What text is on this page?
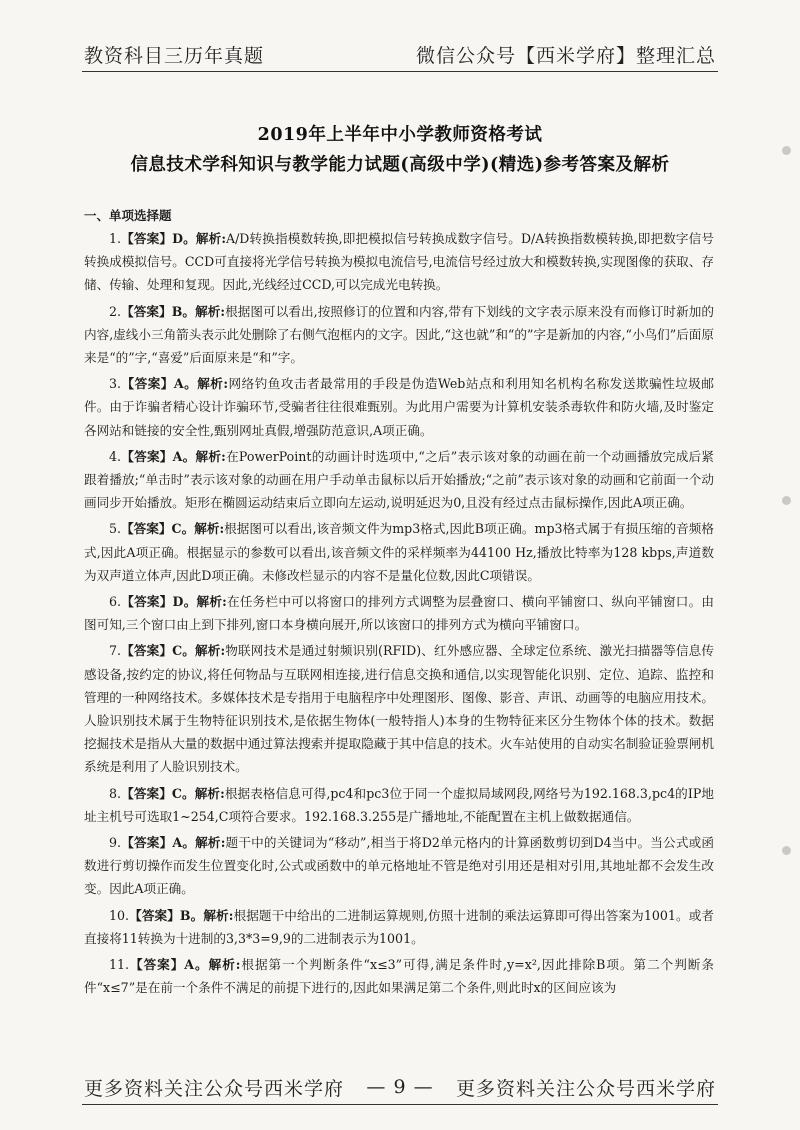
教资科目三历年真题	微信公众号【西米学府】整理汇总
2019年上半年中小学教师资格考试
信息技术学科知识与教学能力试题(高级中学)(精选)参考答案及解析
一、单项选择题

1.【答案】D。解析:A/D转换指模数转换,即把模拟信号转换成数字信号。D/A转换指数模转换,即把数字信号转换成模拟信号。CCD可直接将光学信号转换为模拟电流信号,电流信号经过放大和模数转换,实现图像的获取、存储、传输、处理和复现。因此,光线经过CCD,可以完成光电转换。

2.【答案】B。解析:根据图可以看出,按照修订的位置和内容,带有下划线的文字表示原来没有而修订时新加的内容,虚线小三角箭头表示此处删除了右侧气泡框内的文字。因此,“这也就”和“的”字是新加的内容,“小鸟们”后面原来是“的”字,“喜爱”后面原来是“和”字。

3.【答案】A。解析:网络钓鱼攻击者最常用的手段是伪造Web站点和利用知名机构名称发送欺骗性垃圾邮件。由于诈骗者精心设计诈骗环节,受骗者往往很难甄别。为此用户需要为计算机安装杀毒软件和防火墙,及时鉴定各网站和链接的安全性,甄别网址真假,增强防范意识,A项正确。

4.【答案】A。解析:在PowerPoint的动画计时选项中,“之后”表示该对象的动画在前一个动画播放完成后紧跟着播放;“单击时”表示该对象的动画在用户手动单击鼠标以后开始播放;“之前”表示该对象的动画和它前面一个动画同步开始播放。矩形在椭圆运动结束后立即向左运动,说明延迟为0,且没有经过点击鼠标操作,因此A项正确。

5.【答案】C。解析:根据图可以看出,该音频文件为mp3格式,因此B项正确。mp3格式属于有损压缩的音频格式,因此A项正确。根据显示的参数可以看出,该音频文件的采样频率为44100 Hz,播放比特率为128 kbps,声道数为双声道立体声,因此D项正确。未修改栏显示的内容不是量化位数,因此C项错误。

6.【答案】D。解析:在任务栏中可以将窗口的排列方式调整为层叠窗口、横向平铺窗口、纵向平铺窗口。由图可知,三个窗口由上到下排列,窗口本身横向展开,所以该窗口的排列方式为横向平铺窗口。

7.【答案】C。解析:物联网技术是通过射频识别(RFID)、红外感应器、全球定位系统、激光扫描器等信息传感设备,按约定的协议,将任何物品与互联网相连接,进行信息交换和通信,以实现智能化识别、定位、追踪、监控和管理的一种网络技术。多媒体技术是专指用于电脑程序中处理图形、图像、影音、声讯、动画等的电脑应用技术。人脸识别技术属于生物特征识别技术,是依据生物体(一般特指人)本身的生物特征来区分生物体个体的技术。数据挖掘技术是指从大量的数据中通过算法搜索并提取隐藏于其中信息的技术。火车站使用的自动实名制验证验票闸机系统是利用了人脸识别技术。

8.【答案】C。解析:根据表格信息可得,pc4和pc3位于同一个虚拟局域网段,网络号为192.168.3,pc4的IP地址主机号可选取1~254,C项符合要求。192.168.3.255是广播地址,不能配置在主机上做数据通信。

9.【答案】A。解析:题干中的关键词为“移动”,相当于将D2单元格内的计算函数剪切到D4当中。当公式或函数进行剪切操作而发生位置变化时,公式或函数中的单元格地址不管是绝对引用还是相对引用,其地址都不会发生改变。因此A项正确。

10.【答案】B。解析:根据题干中给出的二进制运算规则,仿照十进制的乘法运算即可得出答案为1001。或者直接将11转换为十进制的3,3*3=9,9的二进制表示为1001。

11.【答案】A。解析:根据第一个判断条件“x≤3”可得,满足条件时,y=x²,因此排除B项。第二个判断条件“x≤7”是在前一个条件不满足的前提下进行的,因此如果满足第二个条件,则此时x的区间应该为

更多资料关注公众号西米学府 — 9 — 更多资料关注公众号西米学府
